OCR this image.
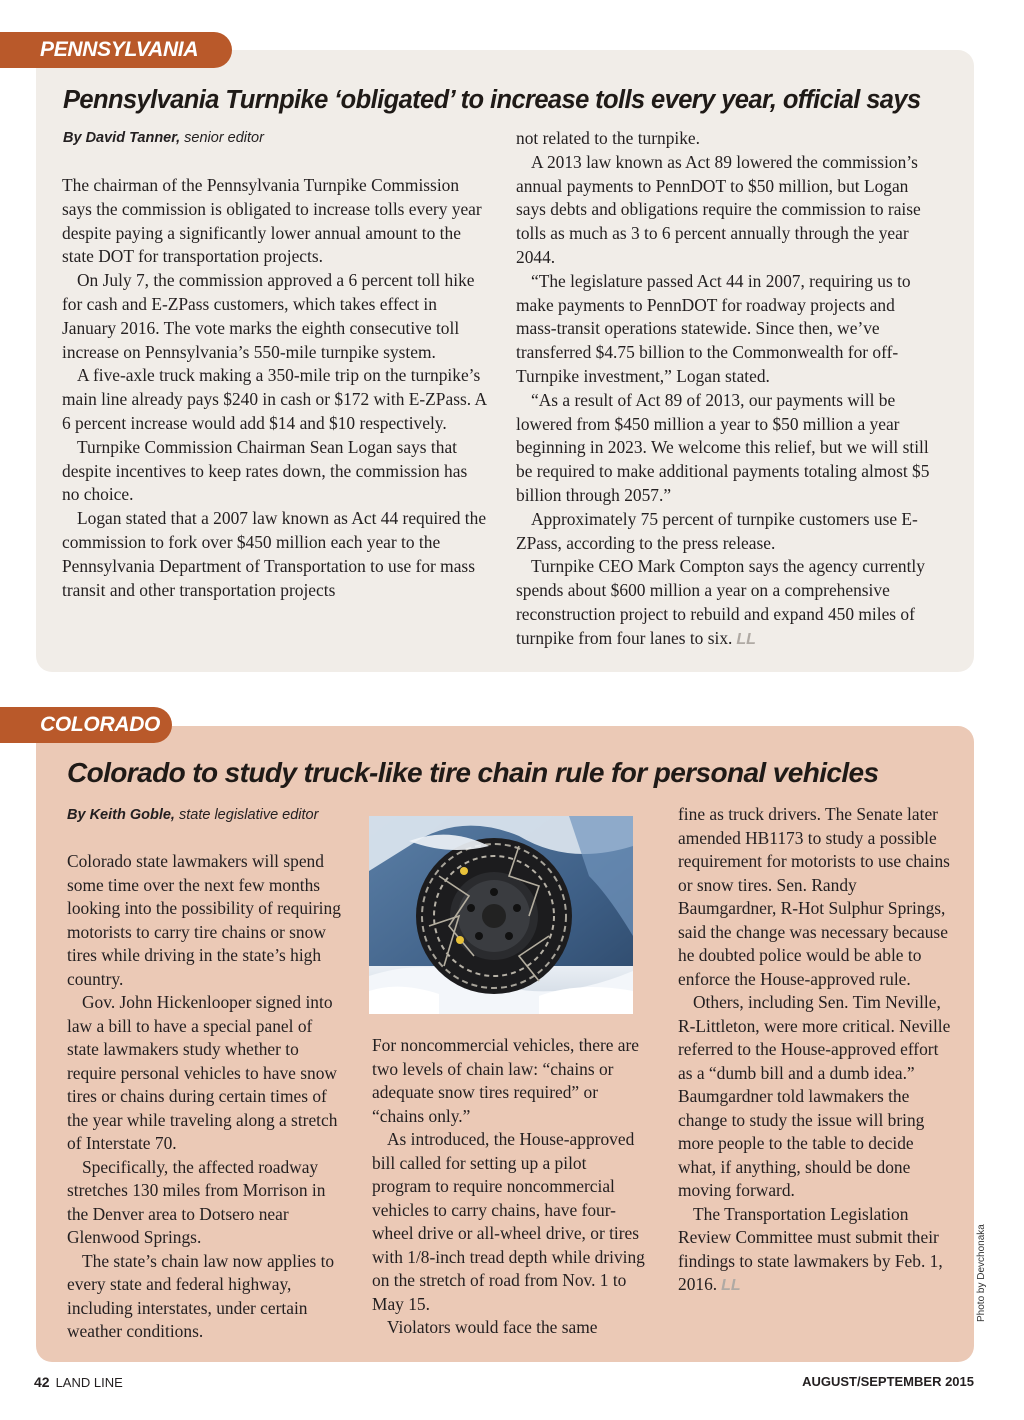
PENNSYLVANIA
Pennsylvania Turnpike ‘obligated’ to increase tolls every year, official says
By David Tanner, senior editor

The chairman of the Pennsylvania Turnpike Commission says the commission is obligated to increase tolls every year despite paying a significantly lower annual amount to the state DOT for transportation projects.

On July 7, the commission approved a 6 percent toll hike for cash and E-ZPass customers, which takes effect in January 2016. The vote marks the eighth consecutive toll increase on Pennsylvania’s 550-mile turnpike system.

A five-axle truck making a 350-mile trip on the turnpike’s main line already pays $240 in cash or $172 with E-ZPass. A 6 percent increase would add $14 and $10 respectively.

Turnpike Commission Chairman Sean Logan says that despite incentives to keep rates down, the commission has no choice.

Logan stated that a 2007 law known as Act 44 required the commission to fork over $450 million each year to the Pennsylvania Department of Transportation to use for mass transit and other transportation projects

not related to the turnpike.

A 2013 law known as Act 89 lowered the commission’s annual payments to PennDOT to $50 million, but Logan says debts and obligations require the commission to raise tolls as much as 3 to 6 percent annually through the year 2044.

“The legislature passed Act 44 in 2007, requiring us to make payments to PennDOT for roadway projects and mass-transit operations statewide. Since then, we’ve transferred $4.75 billion to the Commonwealth for off-Turnpike investment,” Logan stated.

“As a result of Act 89 of 2013, our payments will be lowered from $450 million a year to $50 million a year beginning in 2023. We welcome this relief, but we will still be required to make additional payments totaling almost $5 billion through 2057.”

Approximately 75 percent of turnpike customers use E-ZPass, according to the press release.

Turnpike CEO Mark Compton says the agency currently spends about $600 million a year on a comprehensive reconstruction project to rebuild and expand 450 miles of turnpike from four lanes to six. LL

COLORADO
Colorado to study truck-like tire chain rule for personal vehicles
By Keith Goble, state legislative editor

Colorado state lawmakers will spend some time over the next few months looking into the possibility of requiring motorists to carry tire chains or snow tires while driving in the state’s high country.

Gov. John Hickenlooper signed into law a bill to have a special panel of state lawmakers study whether to require personal vehicles to have snow tires or chains during certain times of the year while traveling along a stretch of Interstate 70.

Specifically, the affected roadway stretches 130 miles from Morrison in the Denver area to Dotsero near Glenwood Springs.

The state’s chain law now applies to every state and federal highway, including interstates, under certain weather conditions.

For noncommercial vehicles, there are two levels of chain law: “chains or adequate snow tires required” or “chains only.”

As introduced, the House-approved bill called for setting up a pilot program to require noncommercial vehicles to carry chains, have four-wheel drive or all-wheel drive, or tires with 1/8-inch tread depth while driving on the stretch of road from Nov. 1 to May 15.

Violators would face the same

fine as truck drivers. The Senate later amended HB1173 to study a possible requirement for motorists to use chains or snow tires. Sen. Randy Baumgardner, R-Hot Sulphur Springs, said the change was necessary because he doubted police would be able to enforce the House-approved rule.

Others, including Sen. Tim Neville, R-Littleton, were more critical. Neville referred to the House-approved effort as a “dumb bill and a dumb idea.” Baumgardner told lawmakers the change to study the issue will bring more people to the table to decide what, if anything, should be done moving forward.

The Transportation Legislation Review Committee must submit their findings to state lawmakers by Feb. 1, 2016. LL	Photo by Devchonaka
42 LAND LINE	AUGUST/SEPTEMBER 2015
